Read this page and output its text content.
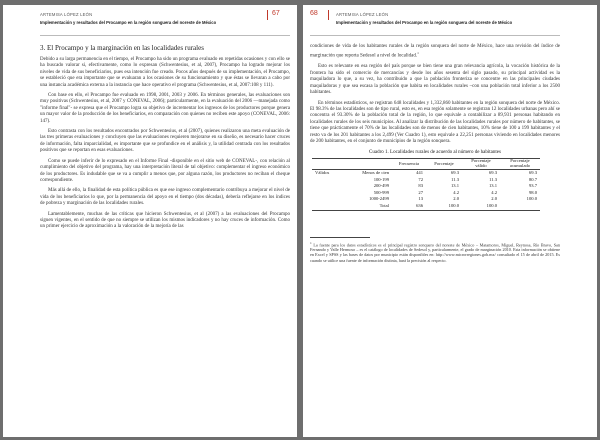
ARTEMISA LÓPEZ LEÓN
Implementación y resultados del Procampo en la región songuera del noreste de México
67
3. El Procampo y la marginación en las localidades rurales

Debido a su larga permanencia en el tiempo, el Procampo ha sido un programa evaluado en repetidas ocasiones y con ello se ha buscado valorar si, efectivamente, como lo expresan (Schwentesius, et al, 2007), Procampo ha logrado mejorar los niveles de vida de sus beneficiarios, pues esa intención fue creado. Pocos años después de su implementación, el Procampo, se estableció que era importante que se evaluaran a los ocasiones de su funcionamiento y que éstas se llevaran a cabo por una instancia académica externa a la instancia que hace operativo el programa (Schwentesius, et al, 2007:108 y 111).

Con base en ello, el Procampo fue evaluado en 1998, 2001, 2003 y 2006. En términos generales, las evaluaciones son muy positivas (Schwentesius, et al, 2007 y CONEVAL, 2006); particularmente, en la evaluación del 2006 —manejada como "informe final"- se expresa que el Procampo logra su objetivo de incrementar los ingresos de los productores porque genera un mayor valor de la producción de los beneficiarios, en comparación con quienes no reciben este apoyo (CONEVAL, 2006: 147).

Esto contrasta con los resultados encontrados por Schwentesius, et al (2007), quienes realizaron una meta evaluación de las tres primeras evaluaciones y concluyen que las evaluaciones requieren mejorarse en su diseño, es necesario hacer cruces de información, falta imparcialidad, es importante que se profundice en el análisis y, la utilidad centrada con los resultados positivos que se reportan en esas evaluaciones.

Como se puede inferir de lo expresado en el Informe Final -disponible en el sitio web de CONEVAL-, con relación al cumplimiento del objetivo del programa, hay una interpretación literal de tal objetivo: complementar el ingreso económico de los productores. Es indudable que se va a cumplir a menos que, por alguna razón, los productores no reciban el cheque correspondiente.

Más allá de ello, la finalidad de esta política pública es que ese ingreso complementario contribuya a mejorar el nivel de vida de los beneficiarios lo que, por la permanencia del apoyo en el tiempo (dos décadas), debería reflejarse en los índices de pobreza y marginación de las localidades rurales.

Lamentablemente, muchas de las críticas que hicieron Schwentesius, et al (2007) a las evaluaciones del Procampo siguen vigentes, en el sentido de que no siempre se utilizan los mismos indicadores y no hay cruces de información. Como un primer ejercicio de aproximación a la valoración de la mejoría de las

68	ARTEMISA LÓPEZ LEÓN
Implementación y resultados del Procampo en la región songuera del noreste de México

condiciones de vida de los habitantes rurales de la región sonquera del norte de México, hace una revisión del índice de marginación que reporta Sedesol a nivel de localidad.$^1$

Esto es relevante en esa región del país porque se bien tiene una gran relevancia agrícola, la vocación histórica de la frontera ha sido el comercio de mercancías y desde los años sesenta del siglo pasado, su principal actividad es la maquiladora lo que, a su vez, ha contribuido a que la población fronteriza se concentre en las principales ciudades maquiladoras y que sea escasa la población que habita en localidades rurales –con una población total inferior a los 2500 habitantes.

En términos estadísticos, se registran 648 localidades y 1,332,860 habitantes en la región sonquera del norte de México. El 98.3% de las localidades son de tipo rural, esto es, en esa región solamente se registran 12 localidades urbanas pero ahí se concentra el 93.30% de la población total de la región, lo que equivale a contabilizar a 89,931 personas habitando en localidades rurales de los seis municipios. Al analizar la distribución de las localidades rurales por número de habitantes, se tiene que prácticamente el 70% de las localidades son de menos de cien habitantes, 10% tiene de 100 a 199 habitantes y el resto va de los 201 habitantes a los 2,499 (Ver Cuadro 1), esto equivale a 22,251 personas viviendo en localidades menores de 200 habitantes, en el conjunto de municipios de la región sonquera.

Cuadro 1. Localidades rurales de acuerdo al número de habitantes
		Frecuencia	Porcentaje	Porcentaje válido	Porcentaje acumulado
Válidos	Menos de cien	441	69.3	69.3	69.3
	100-199	72	11.3	11.3	80.7
	200-499	83	13.1	13.1	93.7
	500-999	27	4.2	4.2	98.0
	1000-2499	13	2.0	2.0	100.0
	Total	636	100.0	100.0	
$^1$ La fuente para los datos estadísticos es el principal registro sonquero del noreste de México – Matamoros, Miguel, Reynosa, Río Bravo, San Fernando y Valle Hermoso – es el catálogo de localidades de Sedesol y, particularmente, el grado de marginación 2010. Esta información se obtiene en Excel y SPSS y las bases de datos por municipio están disponibles en: http://www.microrregiones.gob.mx/ consultado el 15 de abril de 2015. Es cuando se utilice una fuente de información distinta, hará la precisión al respecto.
